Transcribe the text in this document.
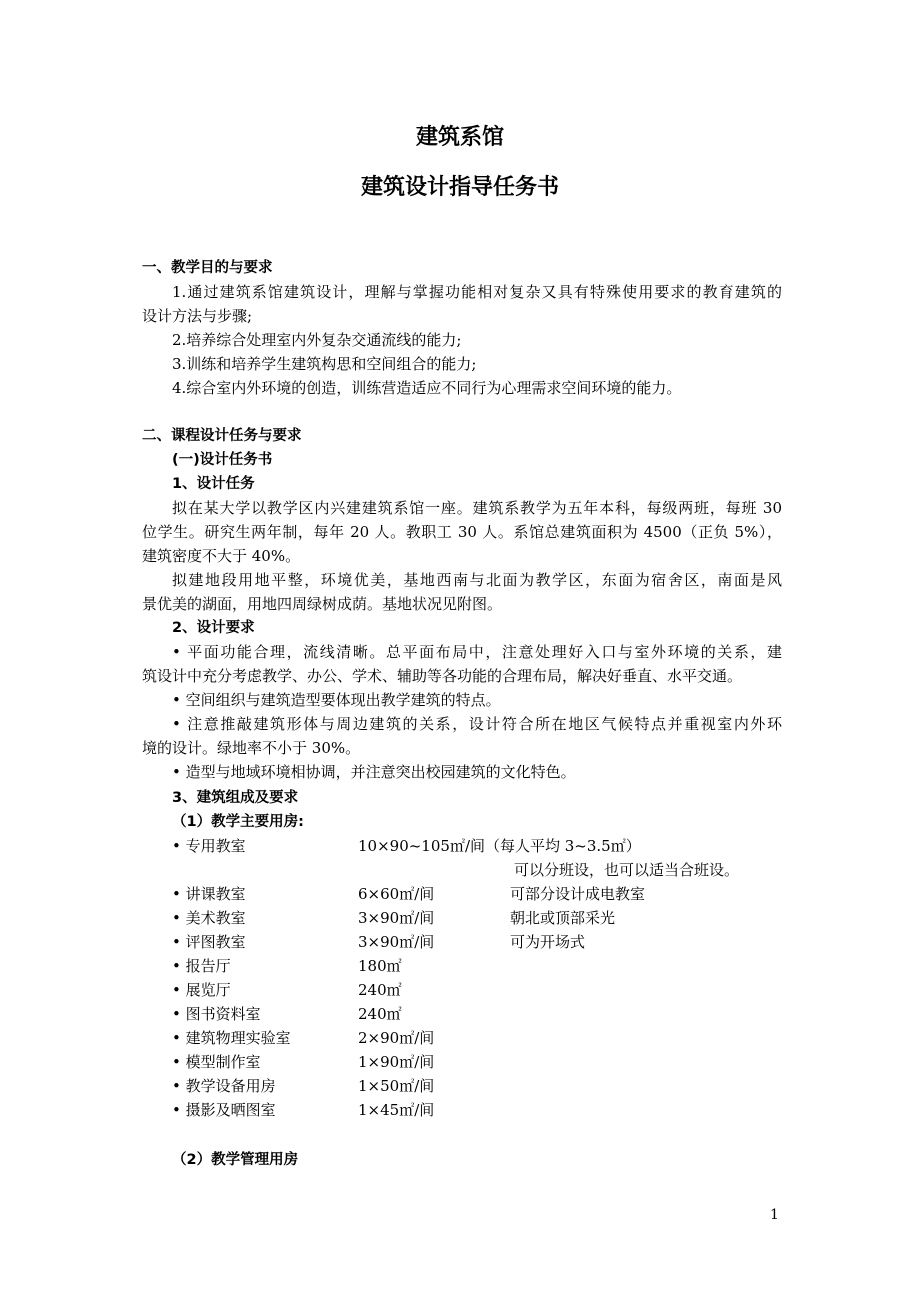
建筑系馆
建筑设计指导任务书
一、教学目的与要求
1.通过建筑系馆建筑设计，理解与掌握功能相对复杂又具有特殊使用要求的教育建筑的
设计方法与步骤;
2.培养综合处理室内外复杂交通流线的能力;
3.训练和培养学生建筑构思和空间组合的能力;
4.综合室内外环境的创造，训练营造适应不同行为心理需求空间环境的能力。
二、课程设计任务与要求
(一)设计任务书
1、设计任务
拟在某大学以教学区内兴建建筑系馆一座。建筑系教学为五年本科，每级两班，每班 30
位学生。研究生两年制，每年 20 人。教职工 30 人。系馆总建筑面积为 4500（正负 5%），
建筑密度不大于 40%。
拟建地段用地平整，环境优美，基地西南与北面为教学区，东面为宿舍区，南面是风
景优美的湖面，用地四周绿树成荫。基地状况见附图。
2、设计要求
• 平面功能合理，流线清晰。总平面布局中，注意处理好入口与室外环境的关系，建
筑设计中充分考虑教学、办公、学术、辅助等各功能的合理布局，解决好垂直、水平交通。
• 空间组织与建筑造型要体现出教学建筑的特点。
• 注意推敲建筑形体与周边建筑的关系，设计符合所在地区气候特点并重视室内外环
境的设计。绿地率不小于 30%。
• 造型与地域环境相协调，并注意突出校园建筑的文化特色。
3、建筑组成及要求
（1）教学主要用房:
• 专用教室	10×90~105㎡/间（每人平均 3~3.5㎡）
可以分班设，也可以适当合班设。
• 讲课教室	6×60㎡/间	可部分设计成电教室
• 美术教室	3×90㎡/间	朝北或顶部采光
• 评图教室	3×90㎡/间	可为开场式
• 报告厅	180㎡
• 展览厅	240㎡
• 图书资料室	240㎡
• 建筑物理实验室	2×90㎡/间
• 模型制作室	1×90㎡/间
• 教学设备用房	1×50㎡/间
• 摄影及晒图室	1×45㎡/间
（2）教学管理用房
1
